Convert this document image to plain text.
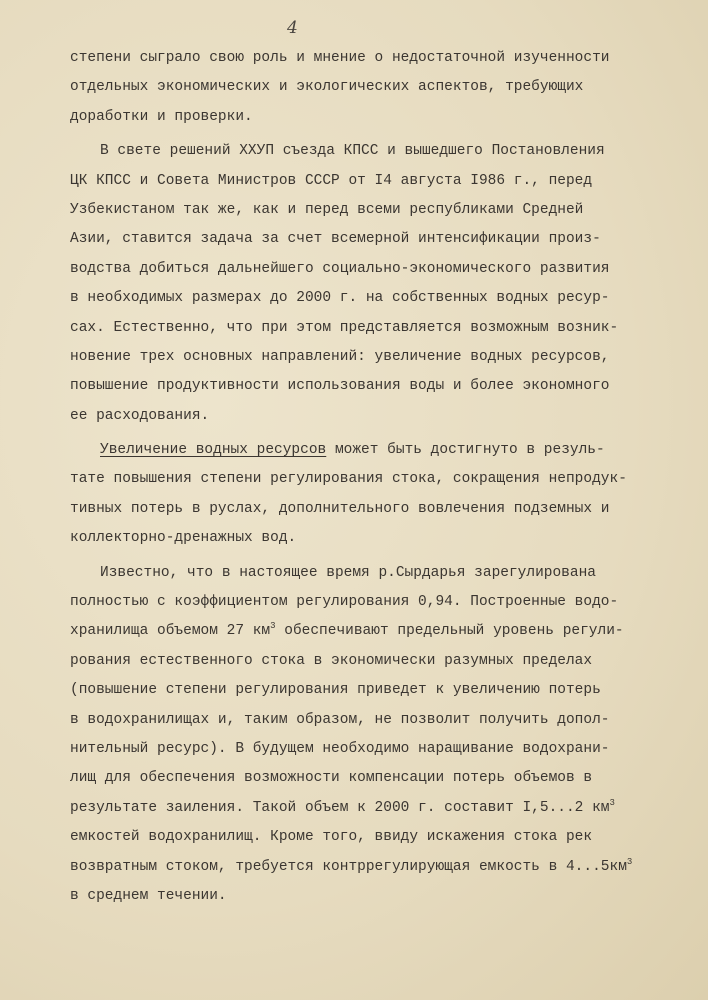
4
степени сыграло свою роль и мнение о недостаточной изученности
отдельных экономических и экологических аспектов, требующих
доработки и проверки.
В свете решений ХХУП съезда КПСС и вышедшего Постановления
ЦК КПСС и Совета Министров СССР от I4 августа I986 г., перед
Узбекистаном так же, как и перед всеми республиками Средней
Азии, ставится задача за счет всемерной интенсификации произ-
водства добиться дальнейшего социально-экономического развития
в необходимых размерах до 2000 г. на собственных водных ресур-
сах. Естественно, что при этом представляется возможным возник-
новение трех основных направлений: увеличение водных ресурсов,
повышение продуктивности использования воды и более экономного
ее расходования.
Увеличение водных ресурсов может быть достигнуто в резуль-
тате повышения степени регулирования стока, сокращения непродук-
тивных потерь в руслах, дополнительного вовлечения подземных и
коллекторно-дренажных вод.
Известно, что в настоящее время р.Сырдарья зарегулирована
полностью с коэффициентом регулирования 0,94. Построенные водо-
хранилища объемом 27 $км^3$ обеспечивают предельный уровень регули-
рования естественного стока в экономически разумных пределах
(повышение степени регулирования приведет к увеличению потерь
в водохранилищах и, таким образом, не позволит получить допол-
нительный ресурс). В будущем необходимо наращивание водохрани-
лищ для обеспечения возможности компенсации потерь объемов в
результате заиления. Такой объем к 2000 г. составит I,5...2 $км^3$
емкостей водохранилищ. Кроме того, ввиду искажения стока рек
возвратным стоком, требуется контррегулирующая емкость в $4...5км^3$
в среднем течении.
